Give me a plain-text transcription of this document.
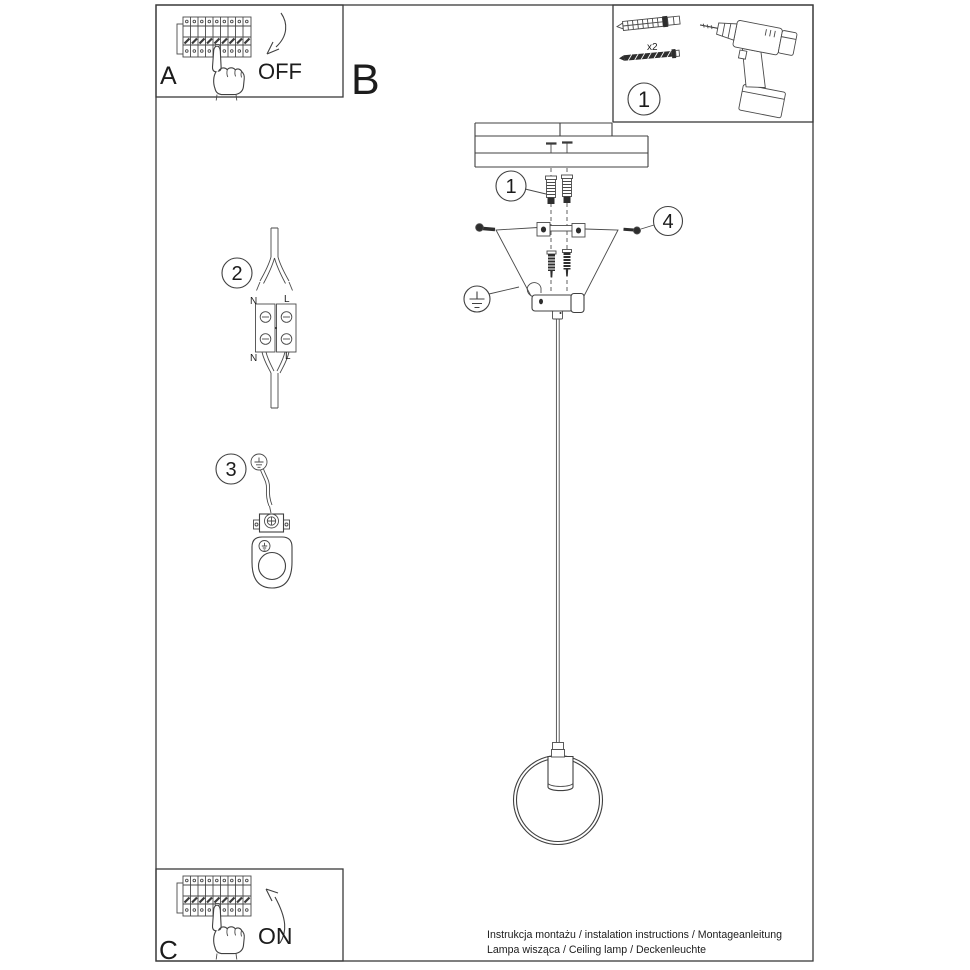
A	OFF B
x2
1
2
N	L
N	L
3
1
4
C	ON	Instrukcja montażu / instalation instructions / Montageanleitung
Lampa wisząca / Ceiling lamp / Deckenleuchte
